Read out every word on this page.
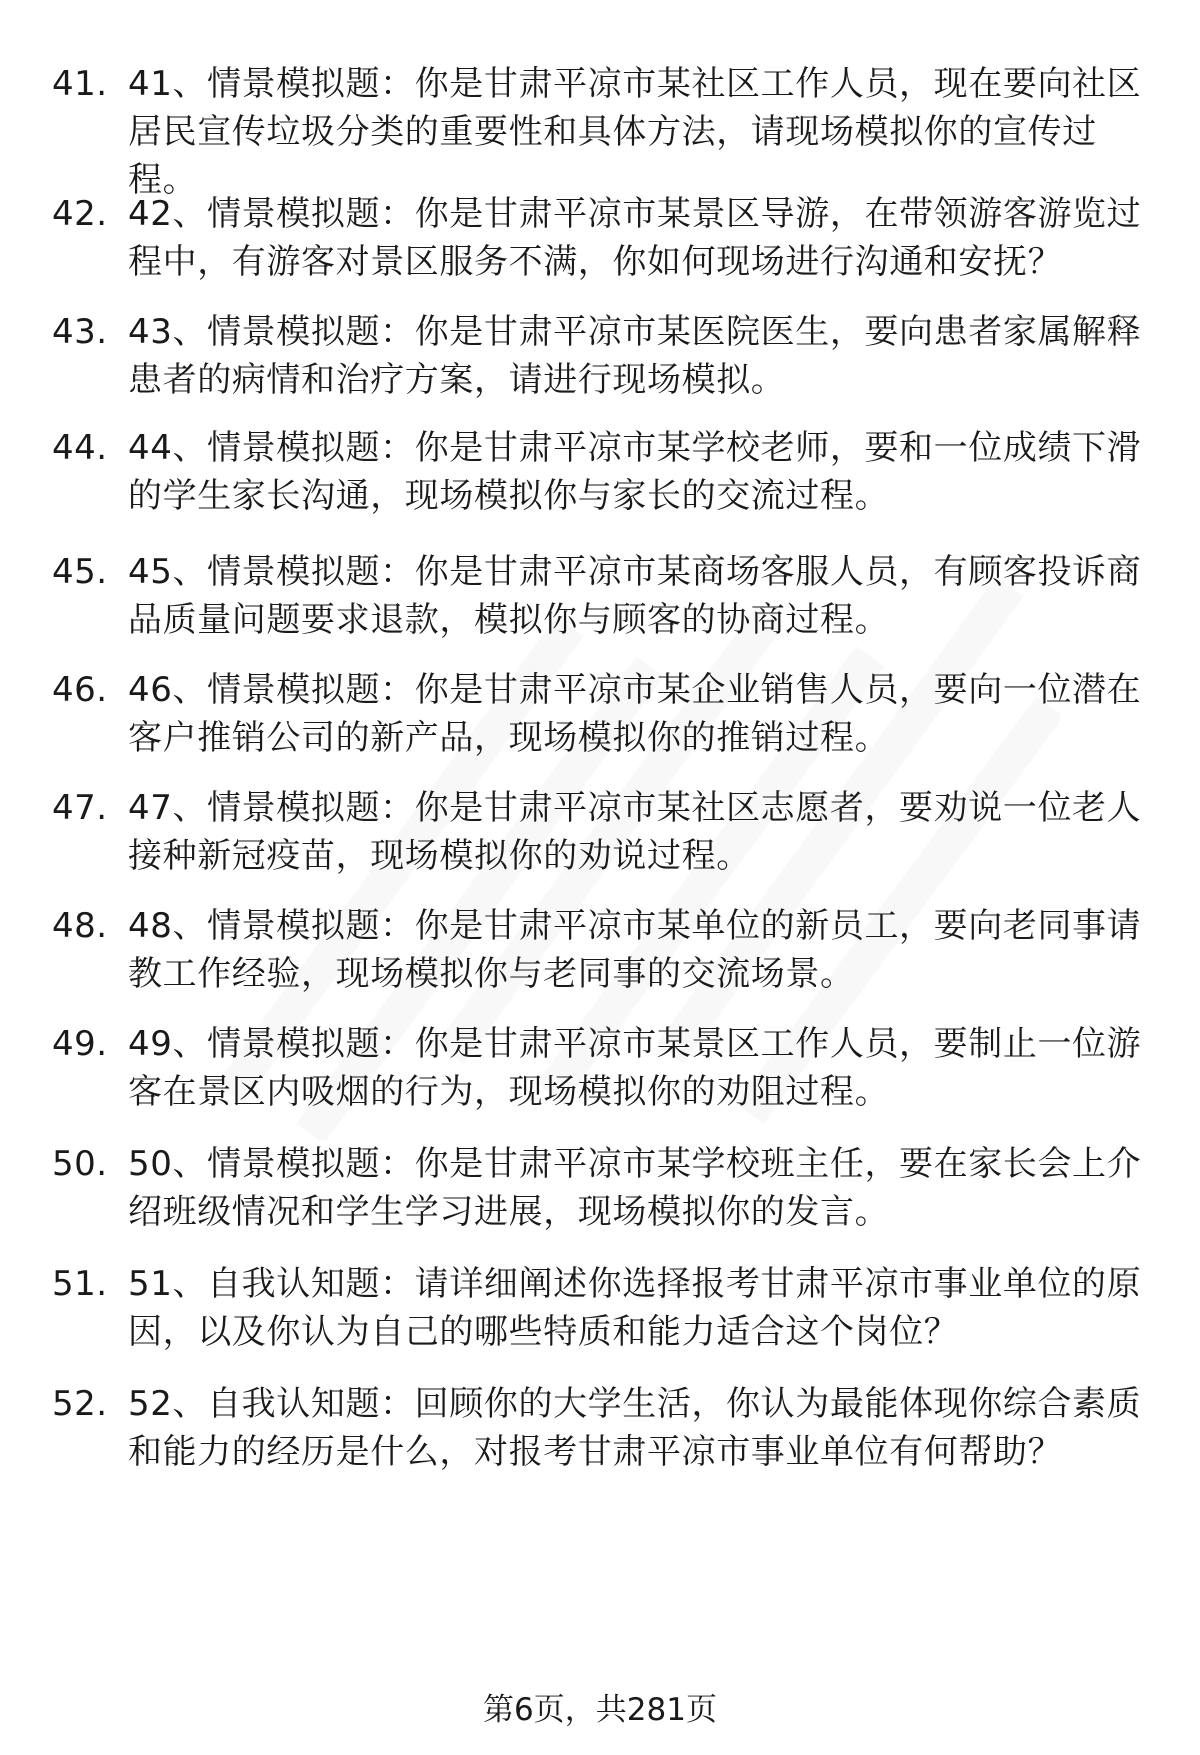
41. 41、情景模拟题：你是甘肃平凉市某社区工作人员，现在要向社区居民宣传垃圾分类的重要性和具体方法，请现场模拟你的宣传过程。
42. 42、情景模拟题：你是甘肃平凉市某景区导游，在带领游客游览过程中，有游客对景区服务不满，你如何现场进行沟通和安抚？
43. 43、情景模拟题：你是甘肃平凉市某医院医生，要向患者家属解释患者的病情和治疗方案，请进行现场模拟。
44. 44、情景模拟题：你是甘肃平凉市某学校老师，要和一位成绩下滑的学生家长沟通，现场模拟你与家长的交流过程。
45. 45、情景模拟题：你是甘肃平凉市某商场客服人员，有顾客投诉商品质量问题要求退款，模拟你与顾客的协商过程。
46. 46、情景模拟题：你是甘肃平凉市某企业销售人员，要向一位潜在客户推销公司的新产品，现场模拟你的推销过程。
47. 47、情景模拟题：你是甘肃平凉市某社区志愿者，要劝说一位老人接种新冠疫苗，现场模拟你的劝说过程。
48. 48、情景模拟题：你是甘肃平凉市某单位的新员工，要向老同事请教工作经验，现场模拟你与老同事的交流场景。
49. 49、情景模拟题：你是甘肃平凉市某景区工作人员，要制止一位游客在景区内吸烟的行为，现场模拟你的劝阻过程。
50. 50、情景模拟题：你是甘肃平凉市某学校班主任，要在家长会上介绍班级情况和学生学习进展，现场模拟你的发言。
51. 51、自我认知题：请详细阐述你选择报考甘肃平凉市事业单位的原因，以及你认为自己的哪些特质和能力适合这个岗位？
52. 52、自我认知题：回顾你的大学生活，你认为最能体现你综合素质和能力的经历是什么，对报考甘肃平凉市事业单位有何帮助？
第6页，共281页
